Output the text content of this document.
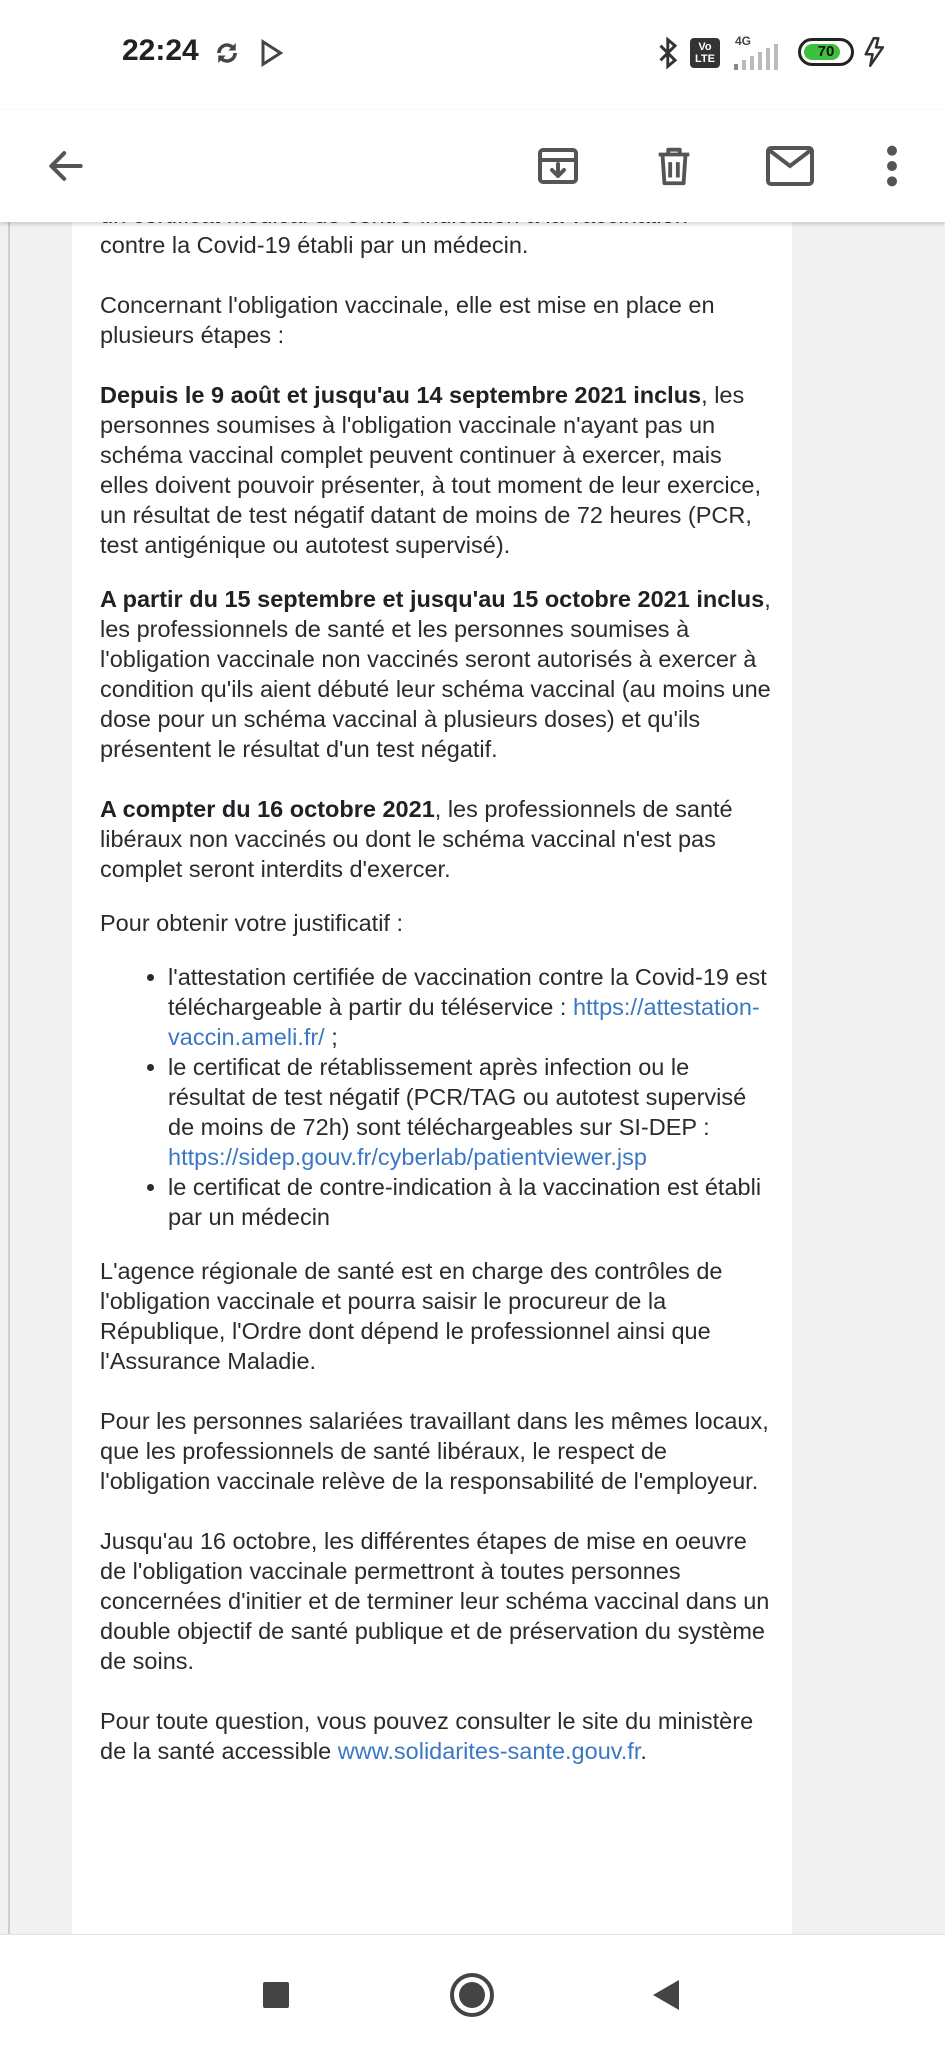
22:24	Vo LTE
4G
70

contre la Covid-19 établi par un médecin.

Concernant l'obligation vaccinale, elle est mise en place en plusieurs étapes :

Depuis le 9 août et jusqu'au 14 septembre 2021 inclus, les personnes soumises à l'obligation vaccinale n'ayant pas un schéma vaccinal complet peuvent continuer à exercer, mais elles doivent pouvoir présenter, à tout moment de leur exercice, un résultat de test négatif datant de moins de 72 heures (PCR, test antigénique ou autotest supervisé).

A partir du 15 septembre et jusqu'au 15 octobre 2021 inclus, les professionnels de santé et les personnes soumises à l'obligation vaccinale non vaccinés seront autorisés à exercer à condition qu'ils aient débuté leur schéma vaccinal (au moins une dose pour un schéma vaccinal à plusieurs doses) et qu'ils présentent le résultat d'un test négatif.

A compter du 16 octobre 2021, les professionnels de santé libéraux non vaccinés ou dont le schéma vaccinal n'est pas complet seront interdits d'exercer.

Pour obtenir votre justificatif :

• l'attestation certifiée de vaccination contre la Covid-19 est téléchargeable à partir du téléservice : https://attestation-vaccin.ameli.fr/ ;
• le certificat de rétablissement après infection ou le résultat de test négatif (PCR/TAG ou autotest supervisé de moins de 72h) sont téléchargeables sur SI-DEP : https://sidep.gouv.fr/cyberlab/patientviewer.jsp
• le certificat de contre-indication à la vaccination est établi par un médecin

L'agence régionale de santé est en charge des contrôles de l'obligation vaccinale et pourra saisir le procureur de la République, l'Ordre dont dépend le professionnel ainsi que l'Assurance Maladie.

Pour les personnes salariées travaillant dans les mêmes locaux, que les professionnels de santé libéraux, le respect de l'obligation vaccinale relève de la responsabilité de l'employeur.

Jusqu'au 16 octobre, les différentes étapes de mise en oeuvre de l'obligation vaccinale permettront à toutes personnes concernées d'initier et de terminer leur schéma vaccinal dans un double objectif de santé publique et de préservation du système de soins.

Pour toute question, vous pouvez consulter le site du ministère de la santé accessible www.solidarites-sante.gouv.fr.
